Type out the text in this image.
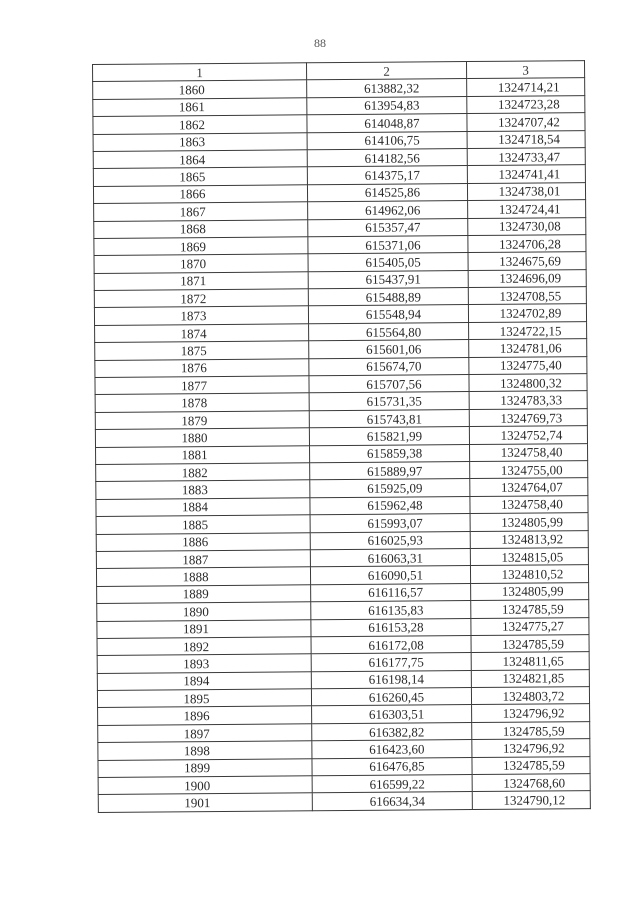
88
1	2	3
1860	613882,32	1324714,21
1861	613954,83	1324723,28
1862	614048,87	1324707,42
1863	614106,75	1324718,54
1864	614182,56	1324733,47
1865	614375,17	1324741,41
1866	614525,86	1324738,01
1867	614962,06	1324724,41
1868	615357,47	1324730,08
1869	615371,06	1324706,28
1870	615405,05	1324675,69
1871	615437,91	1324696,09
1872	615488,89	1324708,55
1873	615548,94	1324702,89
1874	615564,80	1324722,15
1875	615601,06	1324781,06
1876	615674,70	1324775,40
1877	615707,56	1324800,32
1878	615731,35	1324783,33
1879	615743,81	1324769,73
1880	615821,99	1324752,74
1881	615859,38	1324758,40
1882	615889,97	1324755,00
1883	615925,09	1324764,07
1884	615962,48	1324758,40
1885	615993,07	1324805,99
1886	616025,93	1324813,92
1887	616063,31	1324815,05
1888	616090,51	1324810,52
1889	616116,57	1324805,99
1890	616135,83	1324785,59
1891	616153,28	1324775,27
1892	616172,08	1324785,59
1893	616177,75	1324811,65
1894	616198,14	1324821,85
1895	616260,45	1324803,72
1896	616303,51	1324796,92
1897	616382,82	1324785,59
1898	616423,60	1324796,92
1899	616476,85	1324785,59
1900	616599,22	1324768,60
1901	616634,34	1324790,12
